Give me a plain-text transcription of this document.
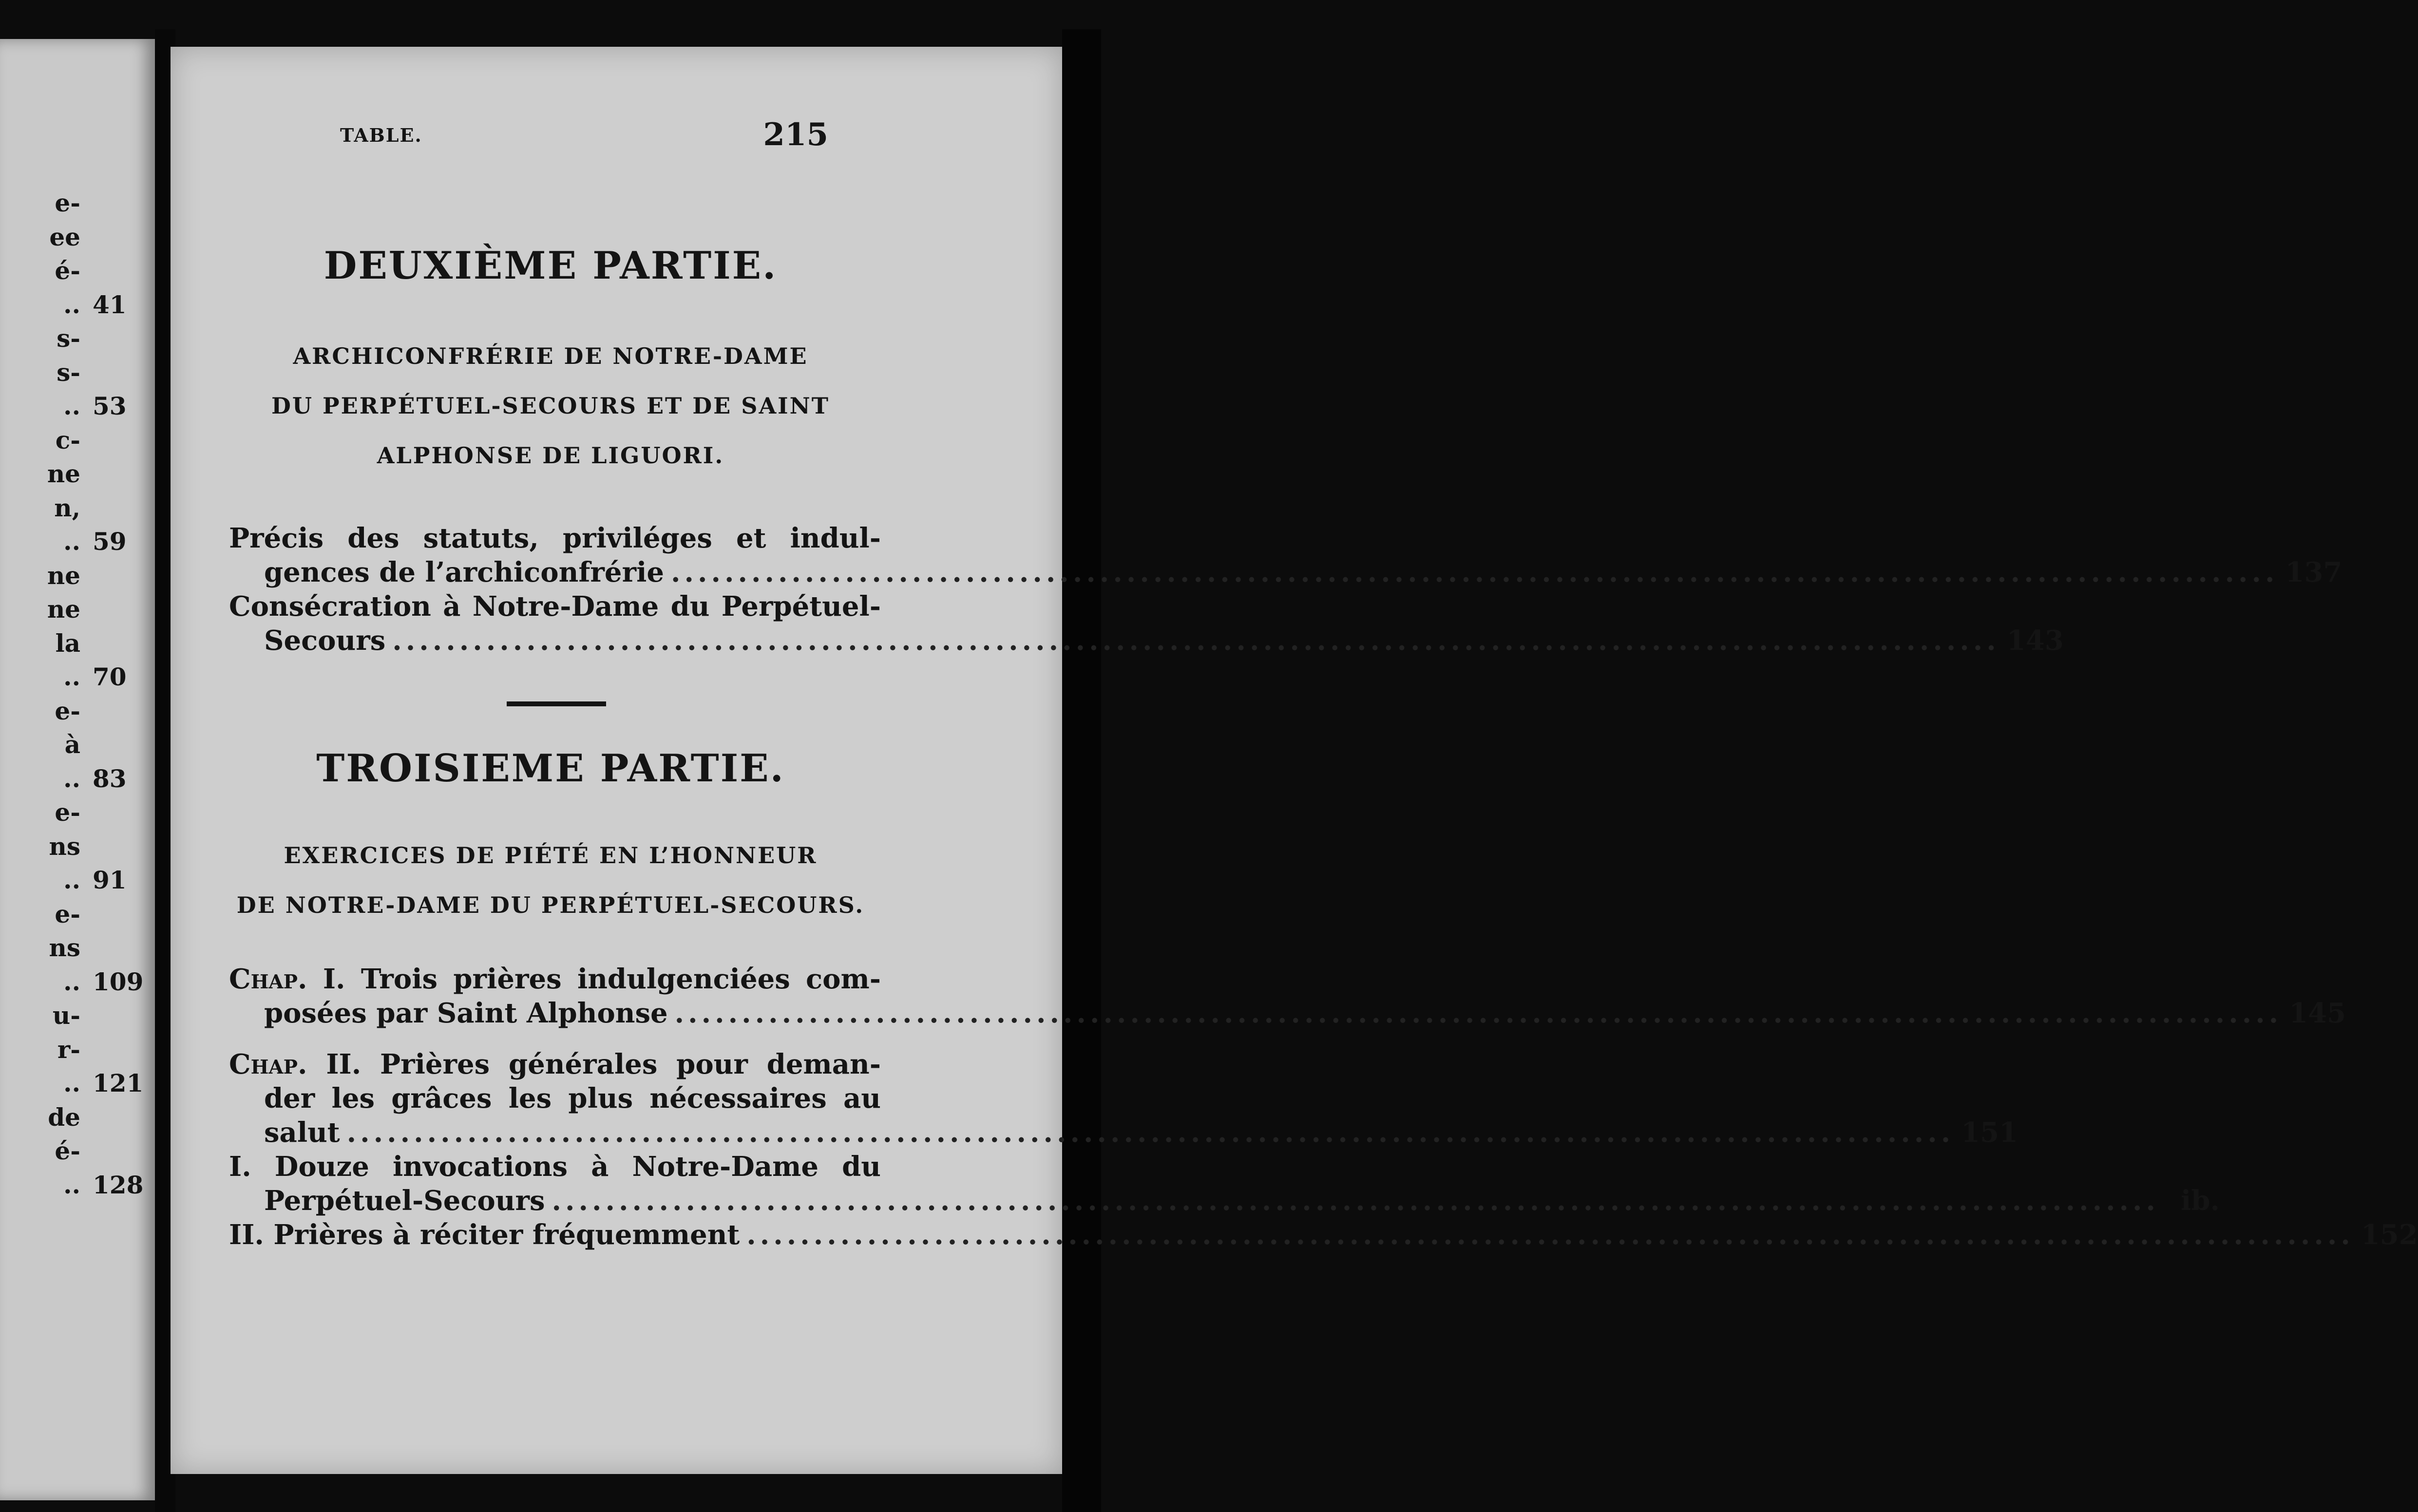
e-
ee
é-
.. 41
s-
s-
.. 53
c-
ne
n,
.. 59
ne
ne
la
.. 70
e-
à
.. 83
e-
ns
.. 91
e-
ns
.. 109
u-
r-
.. 121
de
é-
.. 128
TABLE.	215
DEUXIÈME PARTIE.
ARCHICONFRÉRIE DE NOTRE-DAME
DU PERPÉTUEL-SECOURS ET DE SAINT
ALPHONSE DE LIGUORI.
Précis des statuts, priviléges et indul-
gences de l’archiconfrérie ........................................................................................................................ 137
Consécration à Notre-Dame du Perpétuel-
Secours ........................................................................................................................ 143
TROISIEME PARTIE.
EXERCICES DE PIÉTÉ EN L’HONNEUR
DE NOTRE-DAME DU PERPÉTUEL-SECOURS.
Chap. I. Trois prières indulgenciées com-
posées par Saint Alphonse ........................................................................................................................ 145
Chap. II. Prières générales pour deman-
der les grâces les plus nécessaires au
salut ........................................................................................................................ 151
I. Douze invocations à Notre-Dame du
Perpétuel-Secours ........................................................................................................................ ib.
II. Prières à réciter fréquemment ........................................................................................................................ 152
